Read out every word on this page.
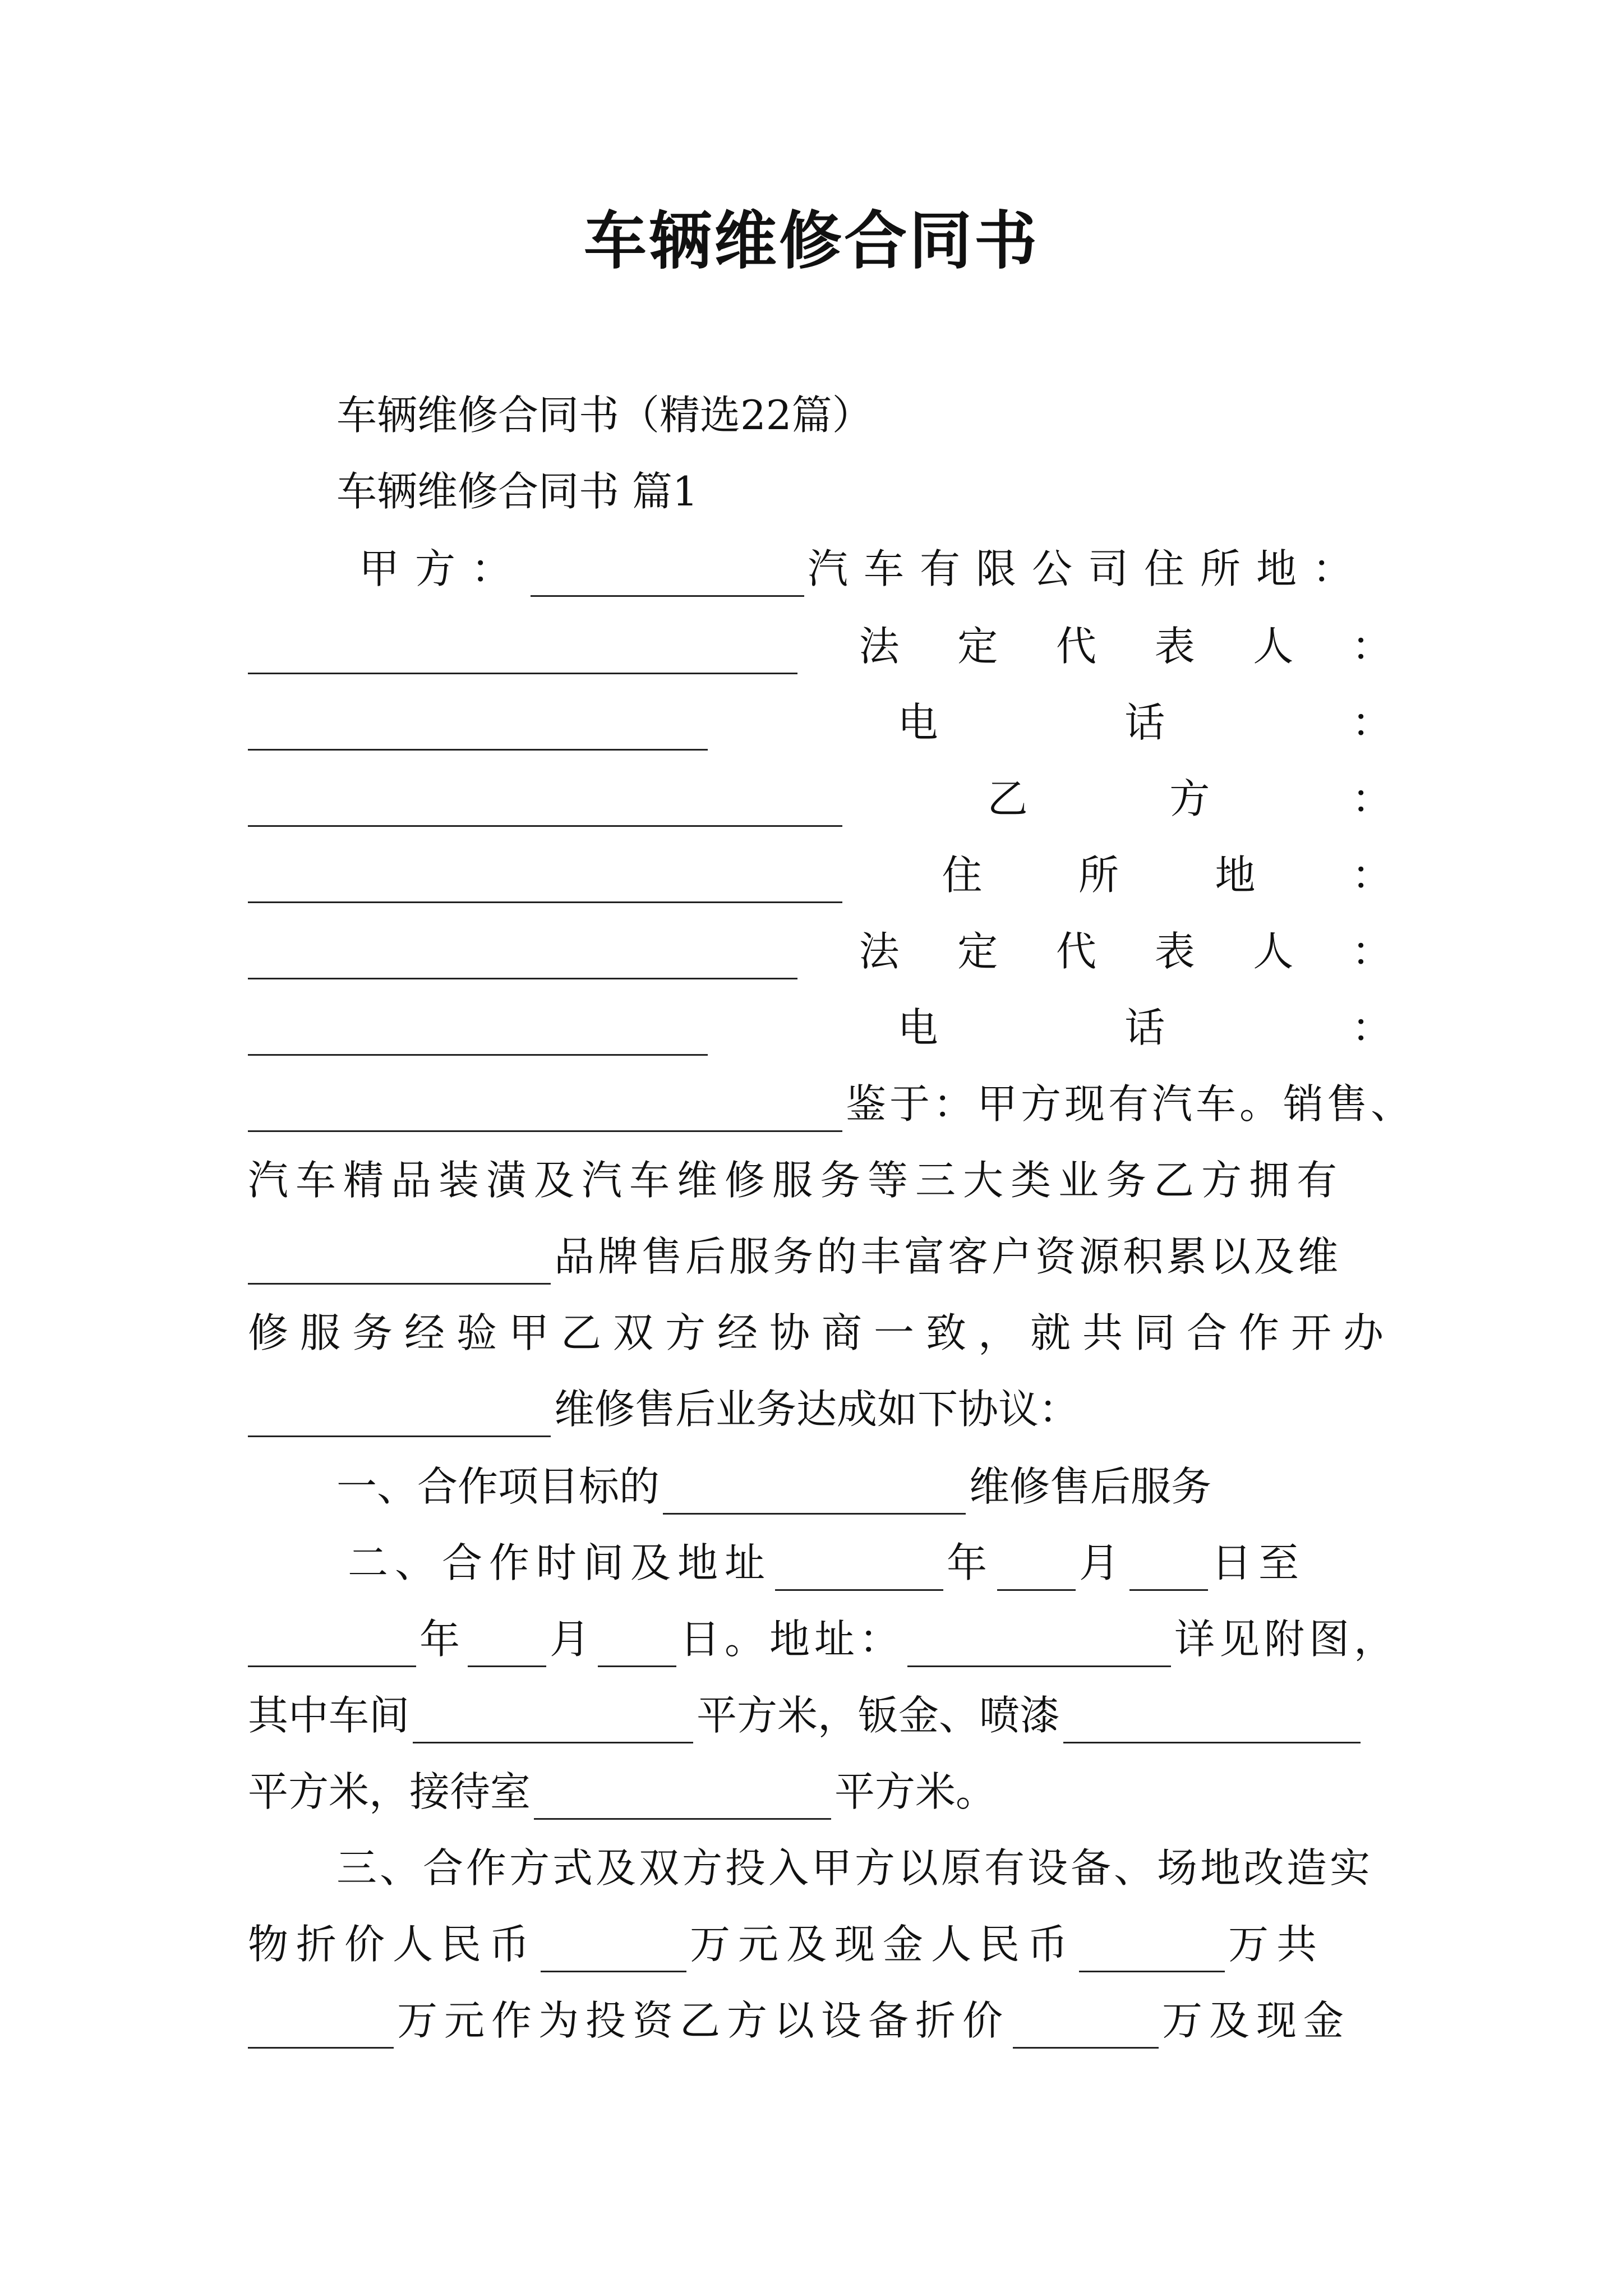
车辆维修合同书
车辆维修合同书（精选22篇）
车辆维修合同书 篇1
甲方：	汽车有限公司住所地：
法 定 代 表 人 ：
电	话	：
乙	方	：
住 所 地 ：
法 定 代 表 人 ：
电	话	：
鉴于：甲方现有汽车。销售、
汽车精品装潢及汽车维修服务等三大类业务乙方拥有
品牌售后服务的丰富客户资源积累以及维
修服务经验甲乙双方经协商一致，就共同合作开办
维修售后业务达成如下协议：
一、合作项目标的	维修售后服务
二、合作时间及地址	年 月 日至
年 月 日。地址：	详见附图，
其中车间	平方米，钣金、喷漆
平方米，接待室	平方米。
三、合作方式及双方投入甲方以原有设备、场地改造实
物折价人民币	万元及现金人民币	万共
万元作为投资乙方以设备折价	万及现金
